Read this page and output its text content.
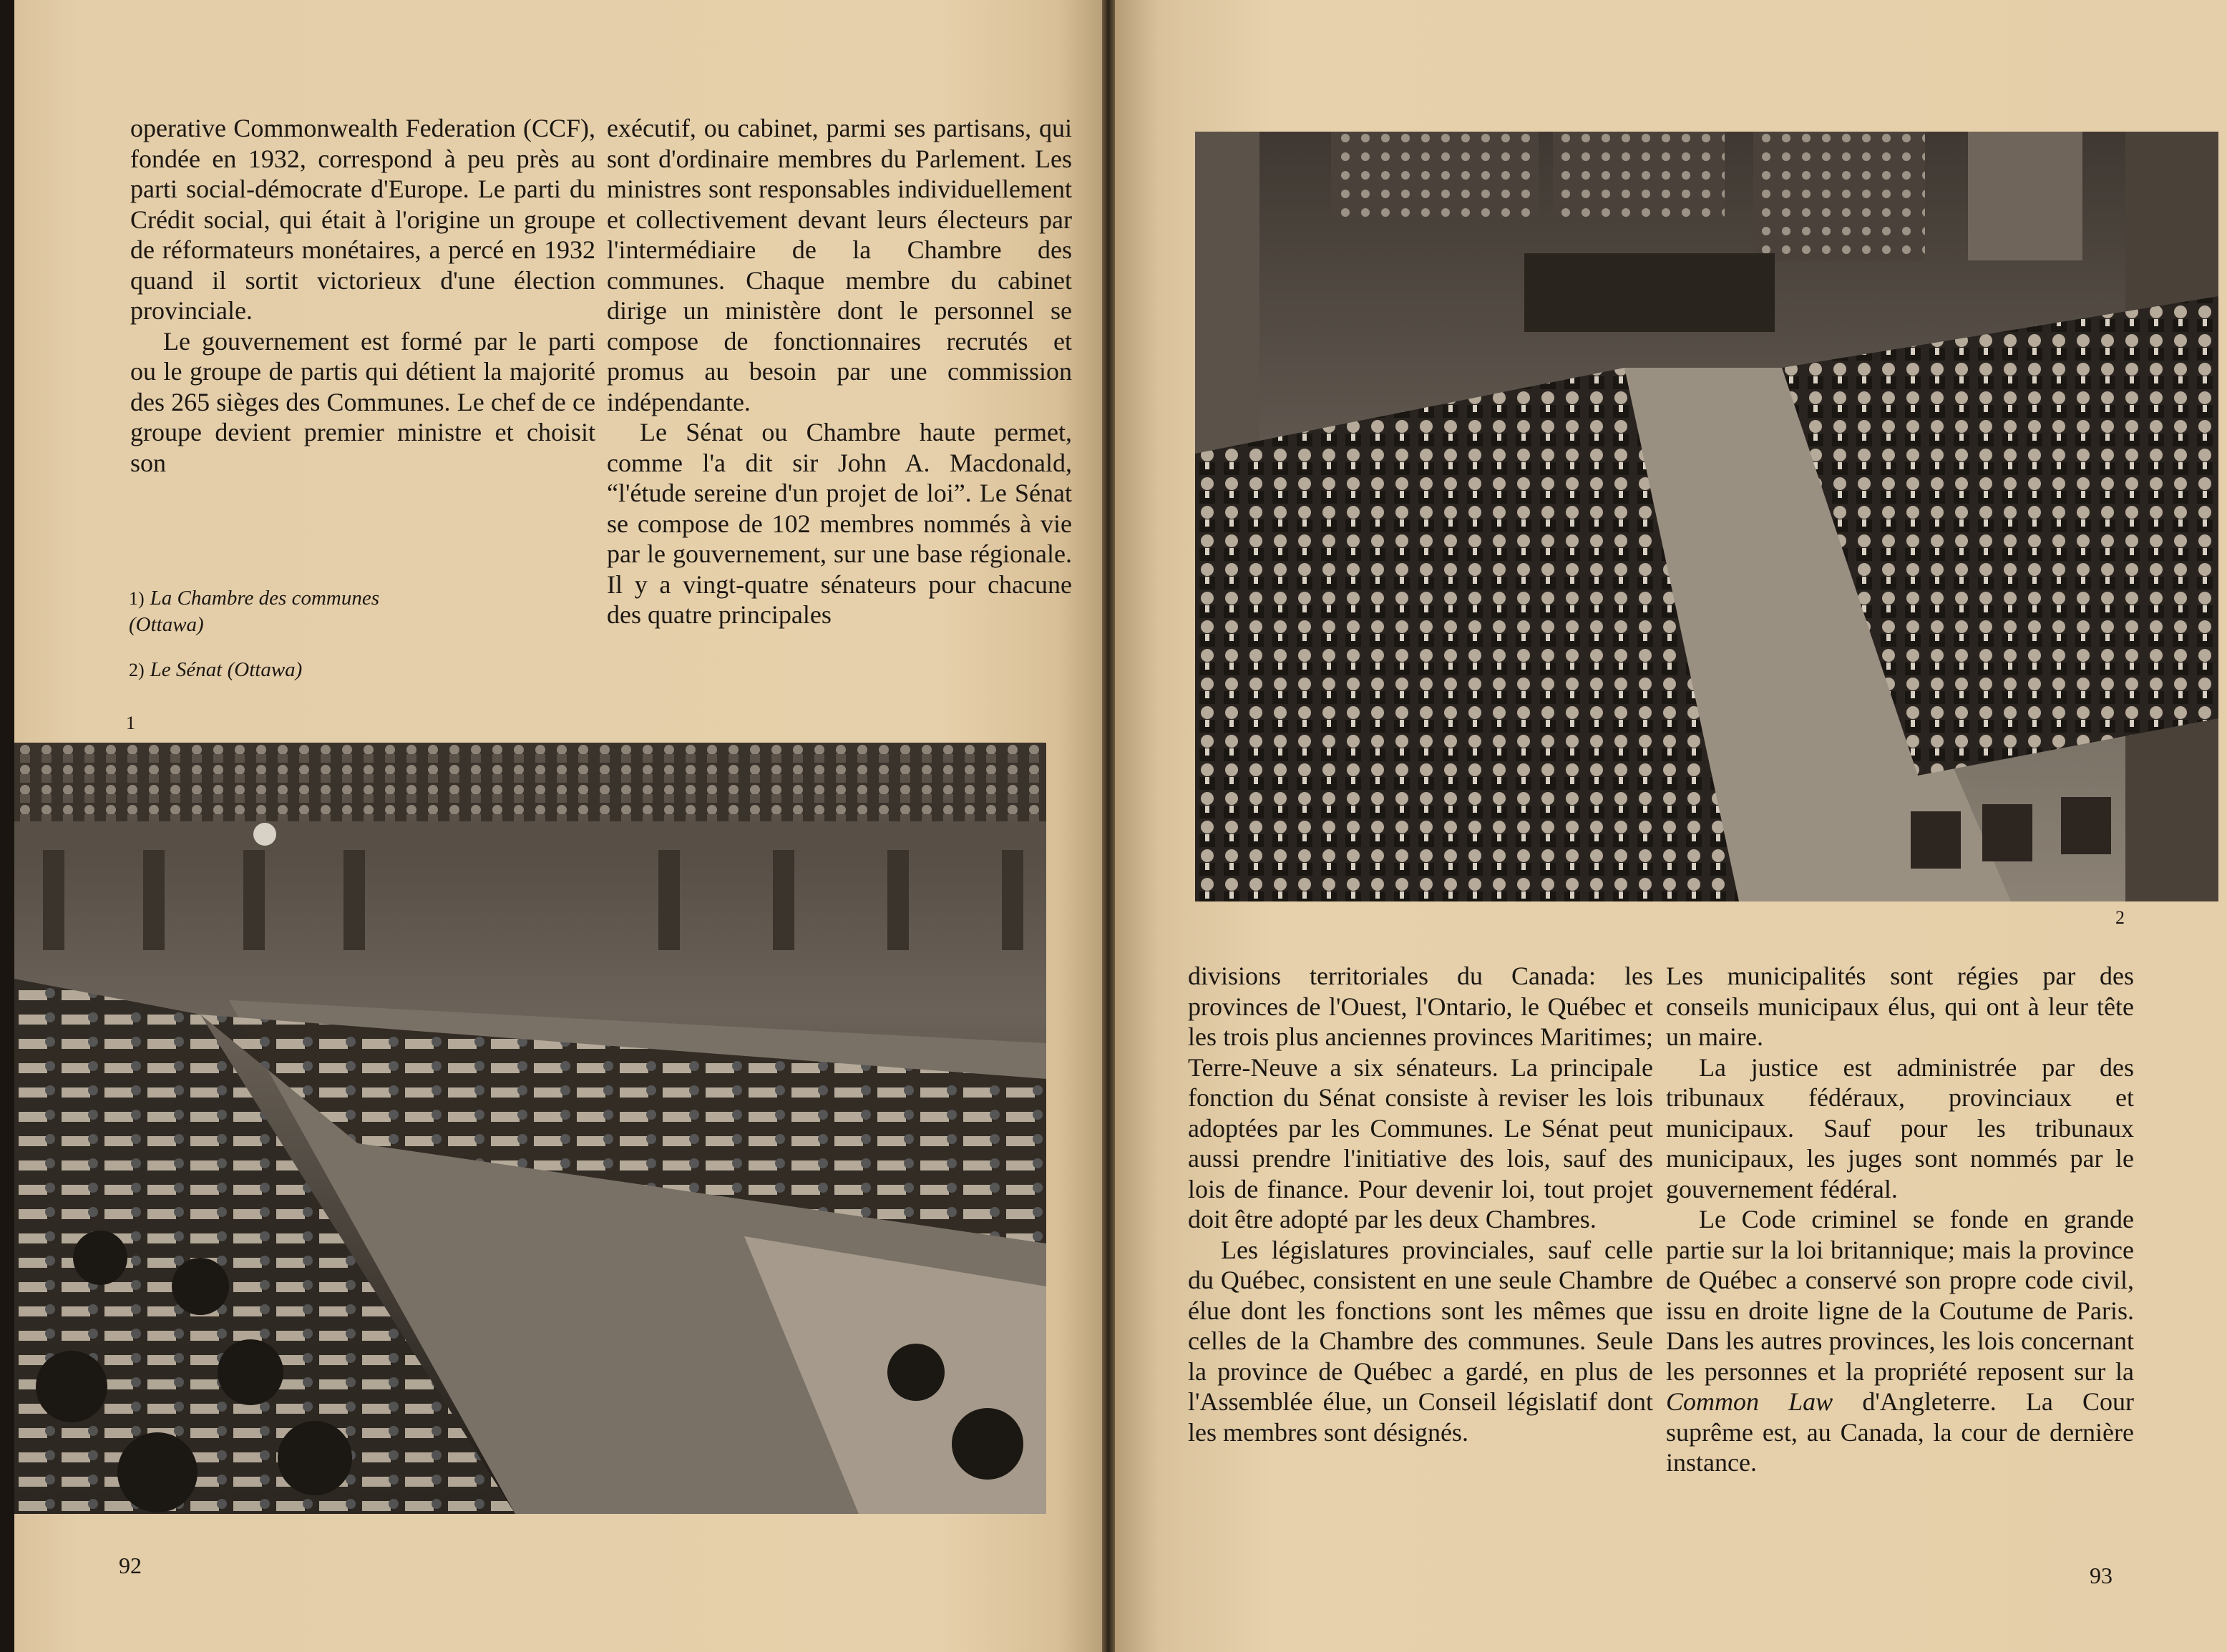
operative Commonwealth Federation (CCF), fondée en 1932, correspond à peu près au parti social-démocrate d'Europe. Le parti du Crédit social, qui était à l'origine un groupe de réformateurs monétaires, a percé en 1932 quand il sortit victorieux d'une élection provinciale.

Le gouvernement est formé par le parti ou le groupe de partis qui détient la majorité des 265 sièges des Communes. Le chef de ce groupe devient premier ministre et choisit son

exécutif, ou cabinet, parmi ses partisans, qui sont d'ordinaire membres du Parlement. Les ministres sont responsables individuellement et collectivement devant leurs électeurs par l'intermédiaire de la Chambre des communes. Chaque membre du cabinet dirige un ministère dont le personnel se compose de fonctionnaires recrutés et promus au besoin par une commission indépendante.

Le Sénat ou Chambre haute permet, comme l'a dit sir John A. Macdonald, “l'étude sereine d'un projet de loi”. Le Sénat se compose de 102 membres nommés à vie par le gouvernement, sur une base régionale. Il y a vingt-quatre sénateurs pour chacune des quatre principales

1) La Chambre des communes
(Ottawa)
2) Le Sénat (Ottawa)
1
92
2

divisions territoriales du Canada: les provinces de l'Ouest, l'Ontario, le Québec et les trois plus anciennes provinces Maritimes; Terre-Neuve a six sénateurs. La principale fonction du Sénat consiste à reviser les lois adoptées par les Communes. Le Sénat peut aussi prendre l'initiative des lois, sauf des lois de finance. Pour devenir loi, tout projet doit être adopté par les deux Chambres.

Les législatures provinciales, sauf celle du Québec, consistent en une seule Chambre élue dont les fonctions sont les mêmes que celles de la Chambre des communes. Seule la province de Québec a gardé, en plus de l'Assemblée élue, un Conseil législatif dont les membres sont désignés.

Les municipalités sont régies par des conseils municipaux élus, qui ont à leur tête un maire.

La justice est administrée par des tribunaux fédéraux, provinciaux et municipaux. Sauf pour les tribunaux municipaux, les juges sont nommés par le gouvernement fédéral.

Le Code criminel se fonde en grande partie sur la loi britannique; mais la province de Québec a conservé son propre code civil, issu en droite ligne de la Coutume de Paris. Dans les autres provinces, les lois concernant les personnes et la propriété reposent sur la Common Law d'Angleterre. La Cour suprême est, au Canada, la cour de dernière instance.

93
